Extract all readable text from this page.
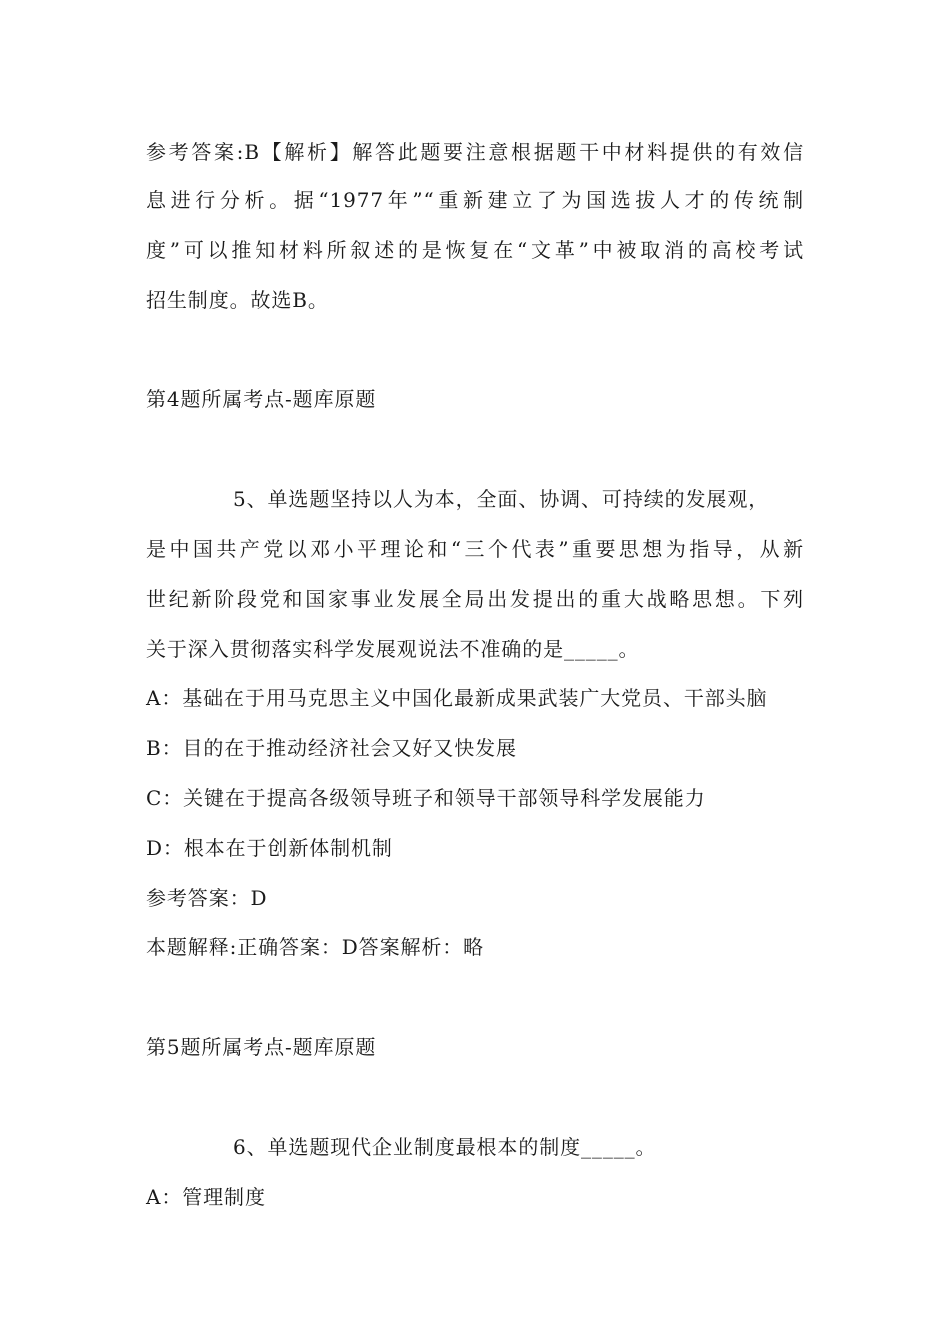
参考答案:B【解析】解答此题要注意根据题干中材料提供的有效信
息进行分析。据“1977年”“重新建立了为国选拔人才的传统制
度”可以推知材料所叙述的是恢复在“文革”中被取消的高校考试
招生制度。故选B。
第4题所属考点-题库原题
5、单选题坚持以人为本，全面、协调、可持续的发展观，
是中国共产党以邓小平理论和“三个代表”重要思想为指导，从新
世纪新阶段党和国家事业发展全局出发提出的重大战略思想。下列
关于深入贯彻落实科学发展观说法不准确的是_____。
A：基础在于用马克思主义中国化最新成果武装广大党员、干部头脑
B：目的在于推动经济社会又好又快发展
C：关键在于提高各级领导班子和领导干部领导科学发展能力
D：根本在于创新体制机制
参考答案：D
本题解释:正确答案：D答案解析：略
第5题所属考点-题库原题
6、单选题现代企业制度最根本的制度_____。
A：管理制度
